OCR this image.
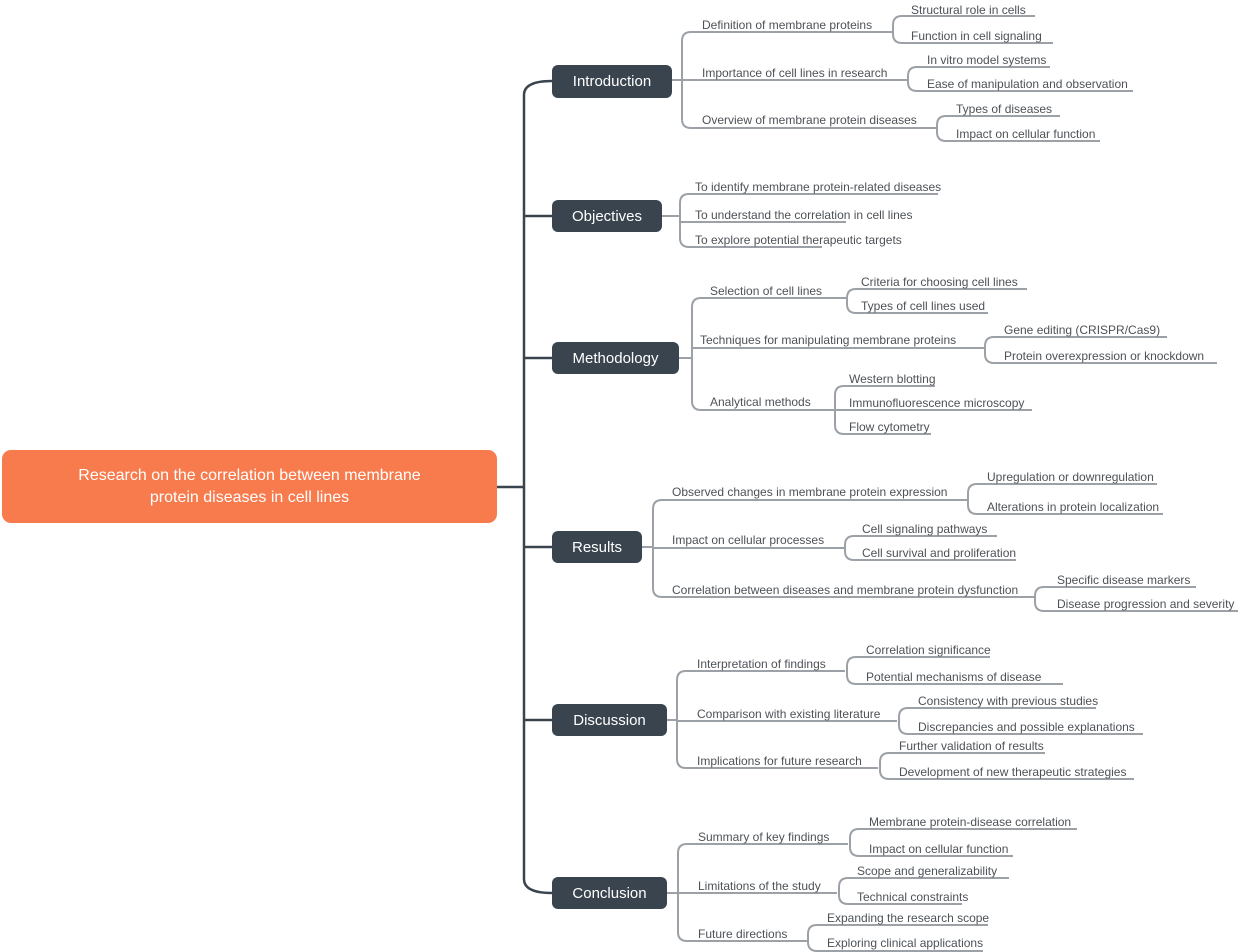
Research on the correlation between membrane protein diseases in cell lines
Introduction
Objectives
Methodology
Results
Discussion
Conclusion
Definition of membrane proteins
Structural role in cells
Function in cell signaling
Importance of cell lines in research
In vitro model systems
Ease of manipulation and observation
Overview of membrane protein diseases
Types of diseases
Impact on cellular function
To identify membrane protein-related diseases
To understand the correlation in cell lines
To explore potential therapeutic targets
Selection of cell lines
Criteria for choosing cell lines
Types of cell lines used
Techniques for manipulating membrane proteins
Gene editing (CRISPR/Cas9)
Protein overexpression or knockdown
Analytical methods
Western blotting
Immunofluorescence microscopy
Flow cytometry
Observed changes in membrane protein expression
Upregulation or downregulation
Alterations in protein localization
Impact on cellular processes
Cell signaling pathways
Cell survival and proliferation
Correlation between diseases and membrane protein dysfunction
Specific disease markers
Disease progression and severity
Interpretation of findings
Correlation significance
Potential mechanisms of disease
Comparison with existing literature
Consistency with previous studies
Discrepancies and possible explanations
Implications for future research
Further validation of results
Development of new therapeutic strategies
Summary of key findings
Membrane protein-disease correlation
Impact on cellular function
Limitations of the study
Scope and generalizability
Technical constraints
Future directions
Expanding the research scope
Exploring clinical applications
